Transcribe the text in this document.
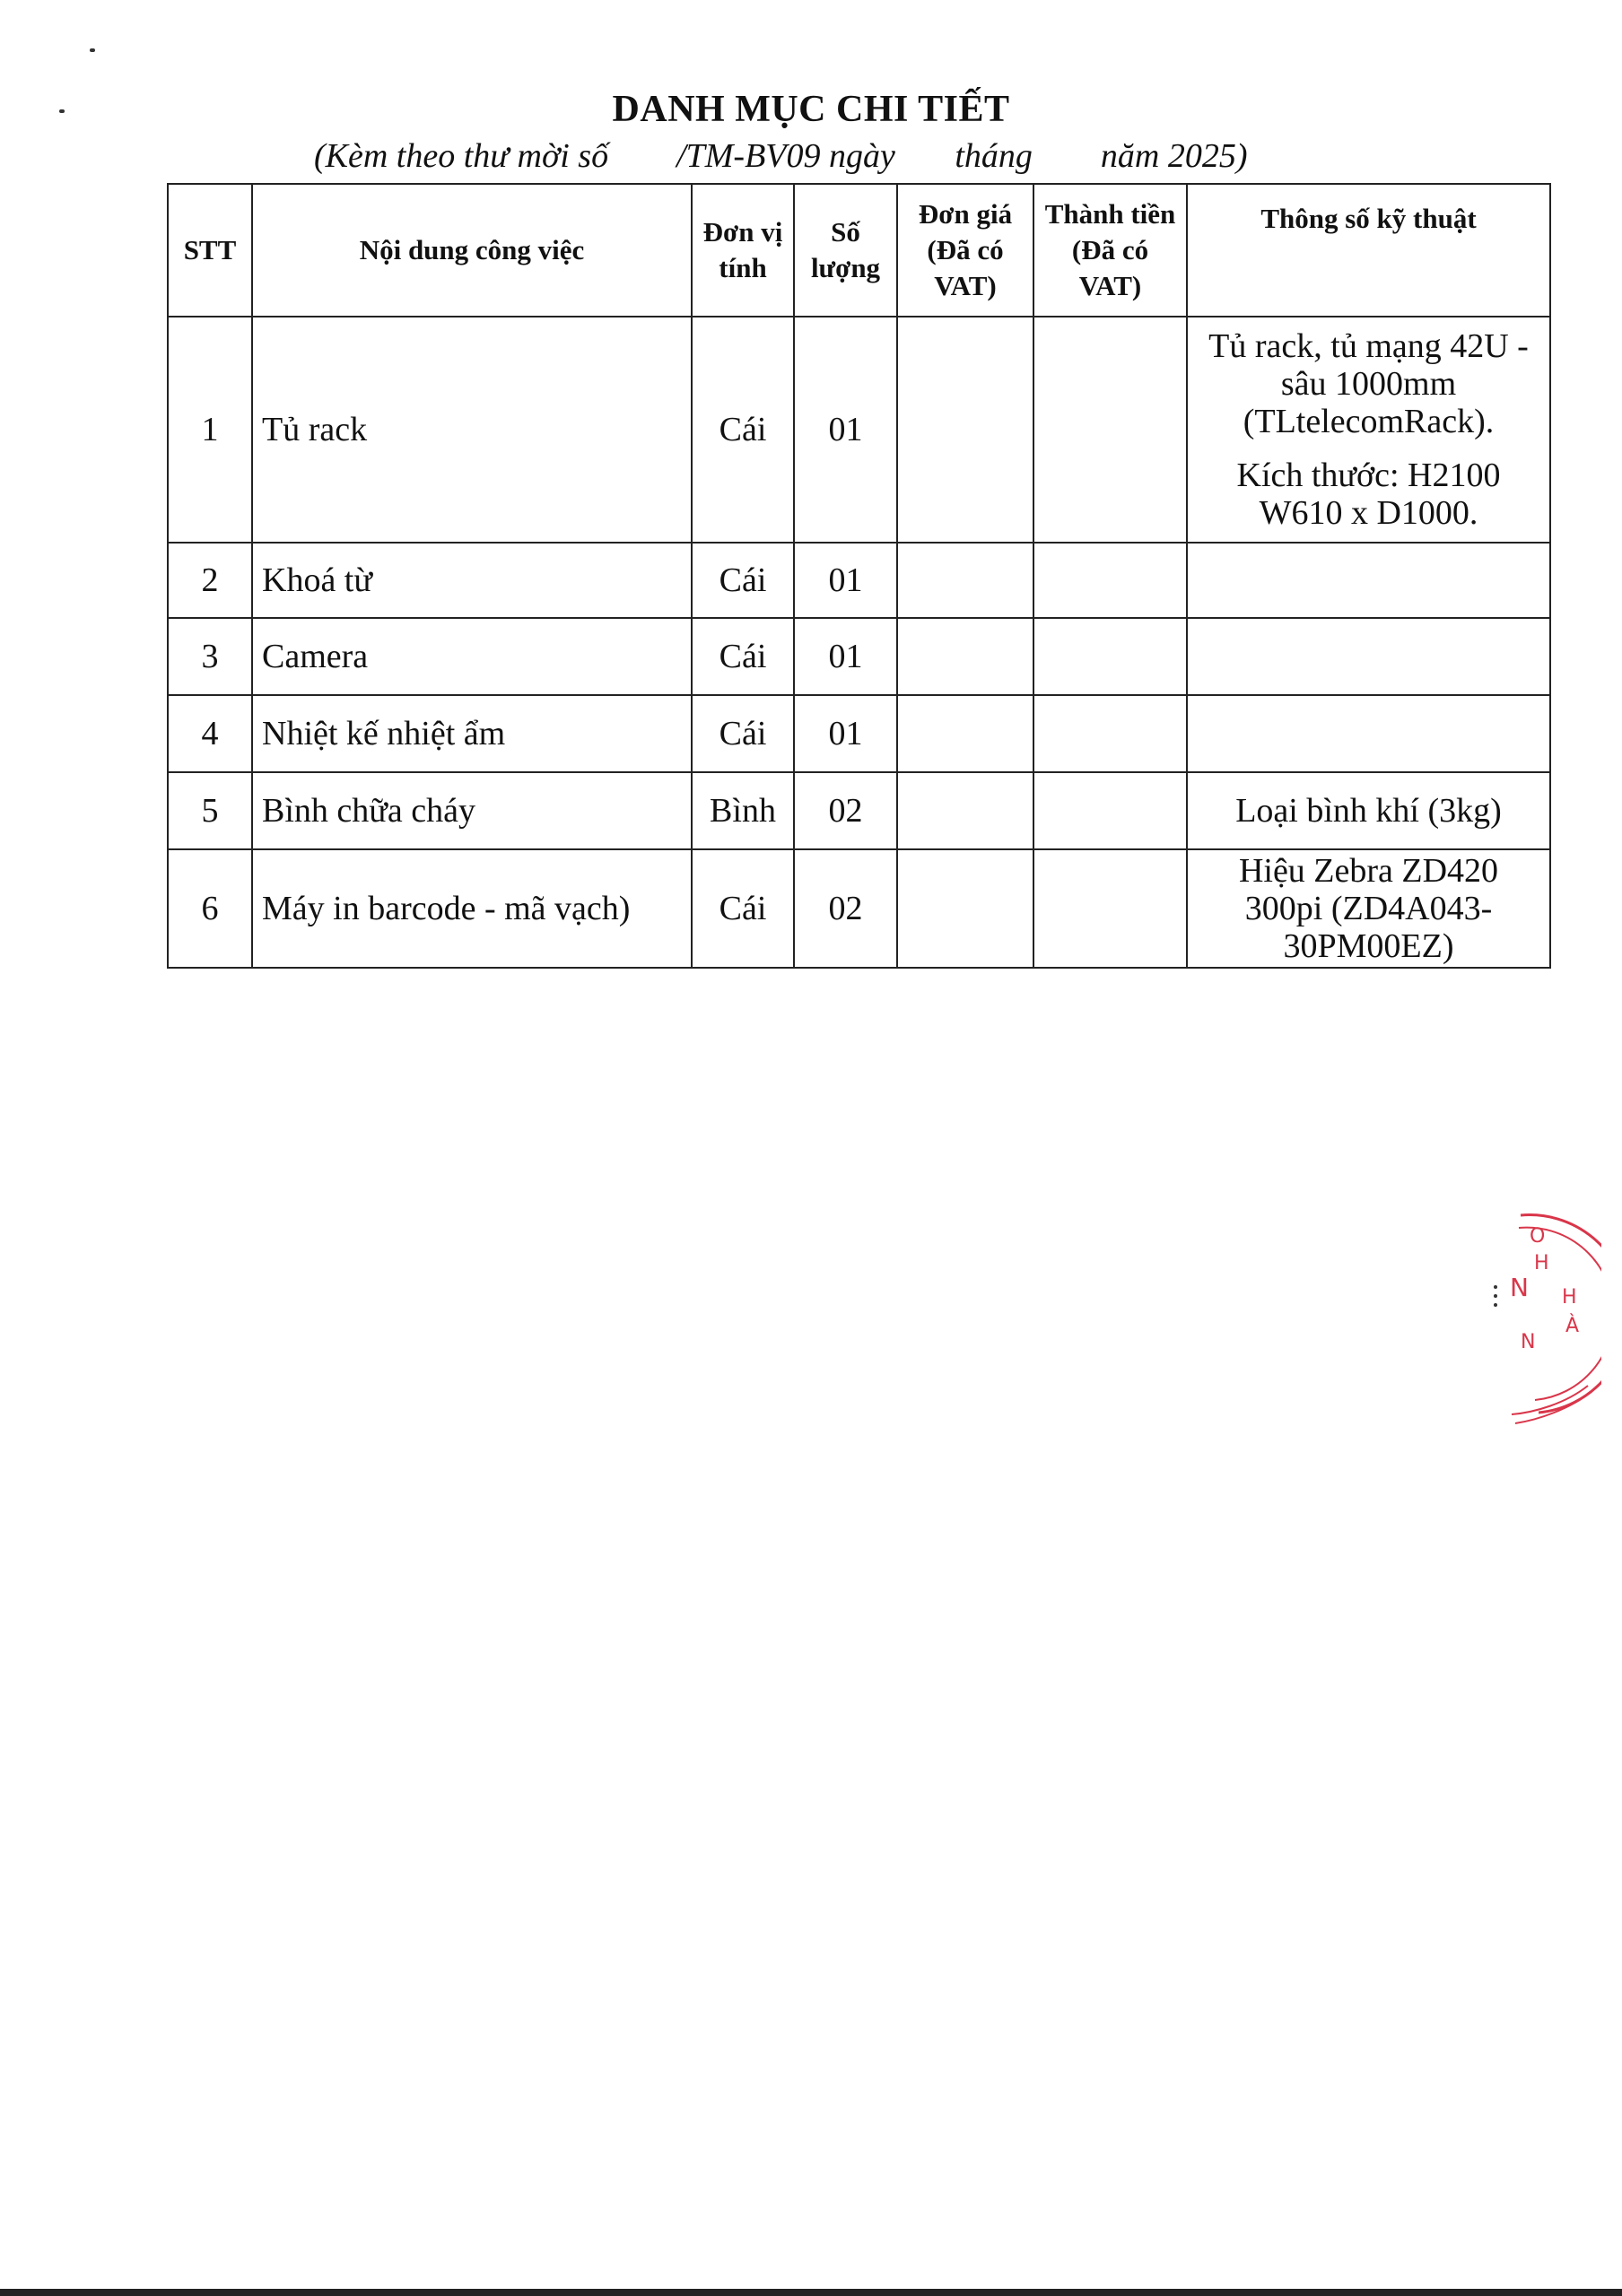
DANH MỤC CHI TIẾT
(Kèm theo thư mời số        /TM-BV09 ngày       tháng        năm 2025)
STT	Nội dung công việc	Đơn vị tính	Số lượng	Đơn giá (Đã có VAT)	Thành tiền (Đã có VAT)	Thông số kỹ thuật
1	Tủ rack	Cái	01			Tủ rack, tủ mạng 42U - sâu 1000mm (TLtelecomRack).

Kích thước: H2100 W610 x D1000.

2	Khoá từ	Cái	01			
3	Camera	Cái	01			
4	Nhiệt kế nhiệt ẩm	Cái	01			
5	Bình chữa cháy	Bình	02			Loại bình khí (3kg)
6	Máy in barcode - mã vạch)	Cái	02			Hiệu Zebra ZD420 300pi (ZD4A043-30PM00EZ)
O
H
N H
À
N
